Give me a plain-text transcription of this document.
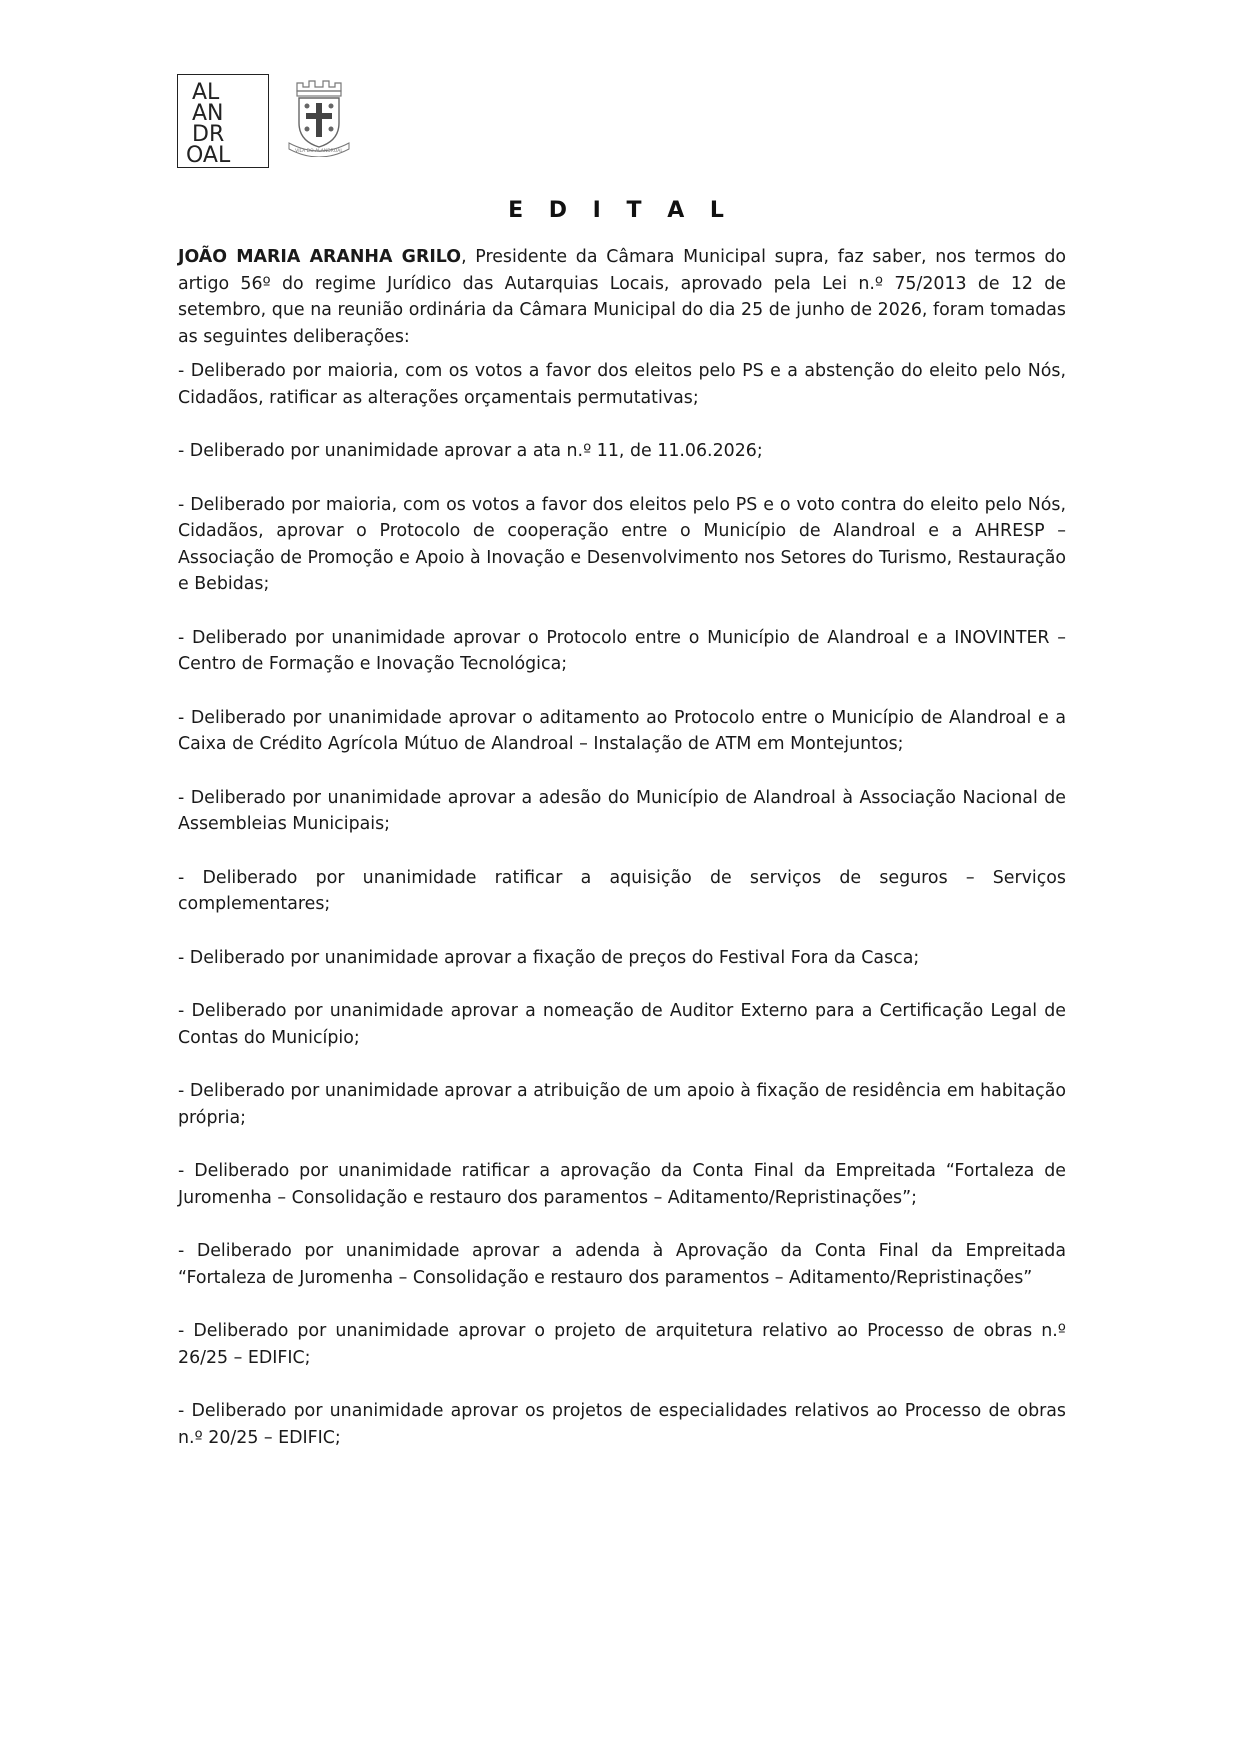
AL
AN
DR
OAL	VILA DO ALANDROAL
E D I T A L

JOÃO MARIA ARANHA GRILO, Presidente da Câmara Municipal supra, faz saber, nos termos do artigo 56º do regime Jurídico das Autarquias Locais, aprovado pela Lei n.º 75/2013 de 12 de setembro, que na reunião ordinária da Câmara Municipal do dia 25 de junho de 2026, foram tomadas as seguintes deliberações:

- Deliberado por maioria, com os votos a favor dos eleitos pelo PS e a abstenção do eleito pelo Nós, Cidadãos, ratificar as alterações orçamentais permutativas;

- Deliberado por unanimidade aprovar a ata n.º 11, de 11.06.2026;

- Deliberado por maioria, com os votos a favor dos eleitos pelo PS e o voto contra do eleito pelo Nós, Cidadãos, aprovar o Protocolo de cooperação entre o Município de Alandroal e a AHRESP – Associação de Promoção e Apoio à Inovação e Desenvolvimento nos Setores do Turismo, Restauração e Bebidas;

- Deliberado por unanimidade aprovar o Protocolo entre o Município de Alandroal e a INOVINTER – Centro de Formação e Inovação Tecnológica;

- Deliberado por unanimidade aprovar o aditamento ao Protocolo entre o Município de Alandroal e a Caixa de Crédito Agrícola Mútuo de Alandroal – Instalação de ATM em Montejuntos;

- Deliberado por unanimidade aprovar a adesão do Município de Alandroal à Associação Nacional de Assembleias Municipais;

- Deliberado por unanimidade ratificar a aquisição de serviços de seguros – Serviços complementares;

- Deliberado por unanimidade aprovar a fixação de preços do Festival Fora da Casca;

- Deliberado por unanimidade aprovar a nomeação de Auditor Externo para a Certificação Legal de Contas do Município;

- Deliberado por unanimidade aprovar a atribuição de um apoio à fixação de residência em habitação própria;

- Deliberado por unanimidade ratificar a aprovação da Conta Final da Empreitada “Fortaleza de Juromenha – Consolidação e restauro dos paramentos – Aditamento/Repristinações”;

- Deliberado por unanimidade aprovar a adenda à Aprovação da Conta Final da Empreitada “Fortaleza de Juromenha – Consolidação e restauro dos paramentos – Aditamento/Repristinações”

- Deliberado por unanimidade aprovar o projeto de arquitetura relativo ao Processo de obras n.º 26/25 – EDIFIC;

- Deliberado por unanimidade aprovar os projetos de especialidades relativos ao Processo de obras n.º 20/25 – EDIFIC;
